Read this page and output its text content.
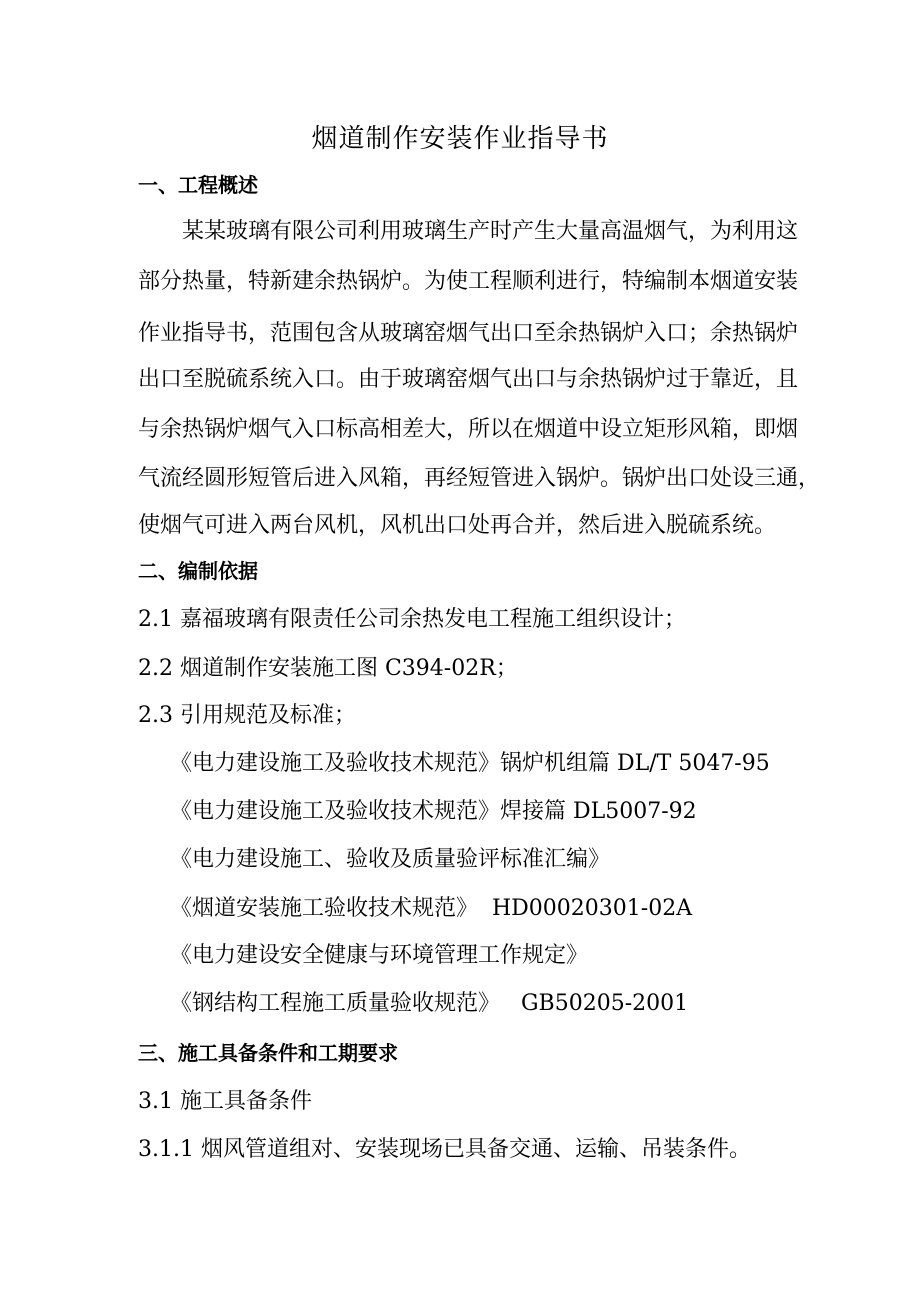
烟道制作安装作业指导书
一、工程概述
某某玻璃有限公司利用玻璃生产时产生大量高温烟气，为利用这
部分热量，特新建余热锅炉。为使工程顺利进行，特编制本烟道安装
作业指导书，范围包含从玻璃窑烟气出口至余热锅炉入口；余热锅炉
出口至脱硫系统入口。由于玻璃窑烟气出口与余热锅炉过于靠近，且
与余热锅炉烟气入口标高相差大，所以在烟道中设立矩形风箱，即烟
气流经圆形短管后进入风箱，再经短管进入锅炉。锅炉出口处设三通，
使烟气可进入两台风机，风机出口处再合并，然后进入脱硫系统。
二、编制依据
2.1 嘉福玻璃有限责任公司余热发电工程施工组织设计；
2.2 烟道制作安装施工图 C394-02R；
2.3 引用规范及标准；
《电力建设施工及验收技术规范》锅炉机组篇 DL/T 5047-95
《电力建设施工及验收技术规范》焊接篇 DL5007-92
《电力建设施工、验收及质量验评标准汇编》
《烟道安装施工验收技术规范》  HD00020301-02A
《电力建设安全健康与环境管理工作规定》
《钢结构工程施工质量验收规范》   GB50205-2001
三、施工具备条件和工期要求
3.1 施工具备条件
3.1.1 烟风管道组对、安装现场已具备交通、运输、吊装条件。
